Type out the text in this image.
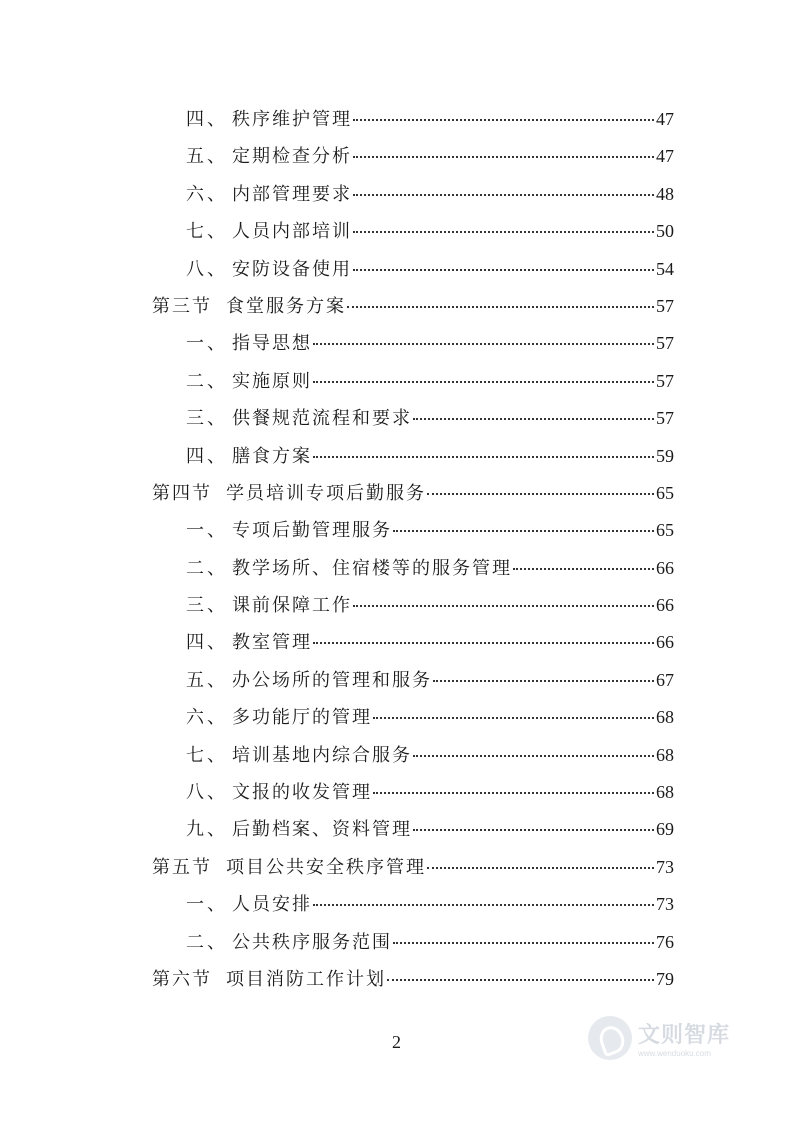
四、 秩序维护管理	47
五、 定期检查分析	47
六、 内部管理要求	48
七、 人员内部培训	50
八、 安防设备使用	54
第三节 食堂服务方案	57
一、 指导思想	57
二、 实施原则	57
三、 供餐规范流程和要求	57
四、 膳食方案	59
第四节 学员培训专项后勤服务	65
一、 专项后勤管理服务	65
二、 教学场所、住宿楼等的服务管理	66
三、 课前保障工作	66
四、 教室管理	66
五、 办公场所的管理和服务	67
六、 多功能厅的管理	68
七、 培训基地内综合服务	68
八、 文报的收发管理	68
九、 后勤档案、资料管理	69
第五节 项目公共安全秩序管理	73
一、 人员安排	73
二、 公共秩序服务范围	76
第六节 项目消防工作计划	79
2	文则智库
www.wenduoku.com
